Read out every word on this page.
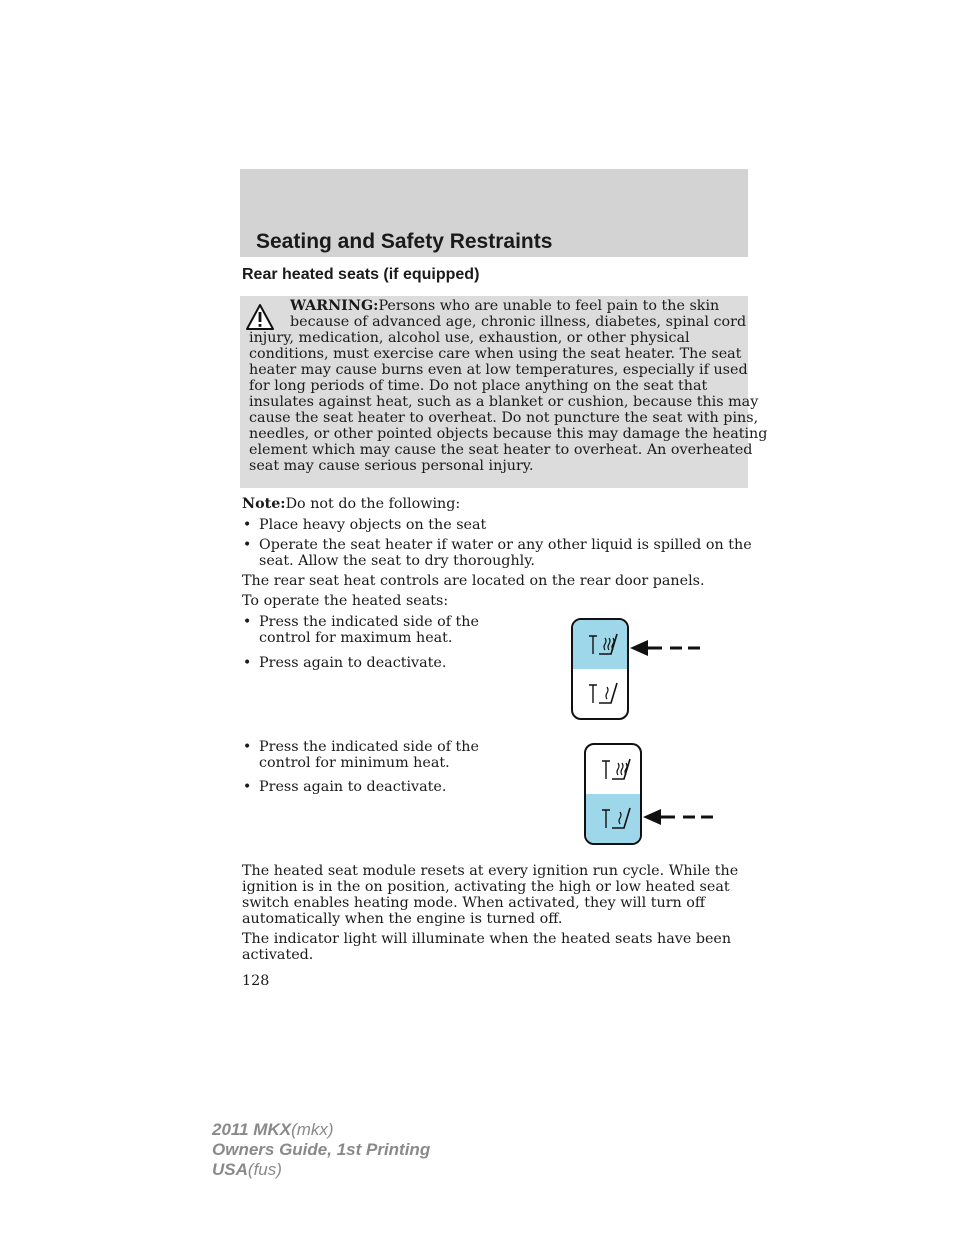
Seating and Safety Restraints
Rear heated seats (if equipped)
WARNING:Persons who are unable to feel pain to the skin
because of advanced age, chronic illness, diabetes, spinal cord
injury, medication, alcohol use, exhaustion, or other physical
conditions, must exercise care when using the seat heater. The seat
heater may cause burns even at low temperatures, especially if used
for long periods of time. Do not place anything on the seat that
insulates against heat, such as a blanket or cushion, because this may
cause the seat heater to overheat. Do not puncture the seat with pins,
needles, or other pointed objects because this may damage the heating
element which may cause the seat heater to overheat. An overheated
seat may cause serious personal injury.
Note:Do not do the following:
• Place heavy objects on the seat
• Operate the seat heater if water or any other liquid is spilled on the
seat. Allow the seat to dry thoroughly.
The rear seat heat controls are located on the rear door panels.
To operate the heated seats:
• Press the indicated side of the
control for maximum heat.
• Press again to deactivate.
• Press the indicated side of the
control for minimum heat.
• Press again to deactivate.
The heated seat module resets at every ignition run cycle. While the
ignition is in the on position, activating the high or low heated seat
switch enables heating mode. When activated, they will turn off
automatically when the engine is turned off.
The indicator light will illuminate when the heated seats have been
activated.
128
2011 MKX(mkx)
Owners Guide, 1st Printing
USA(fus)
